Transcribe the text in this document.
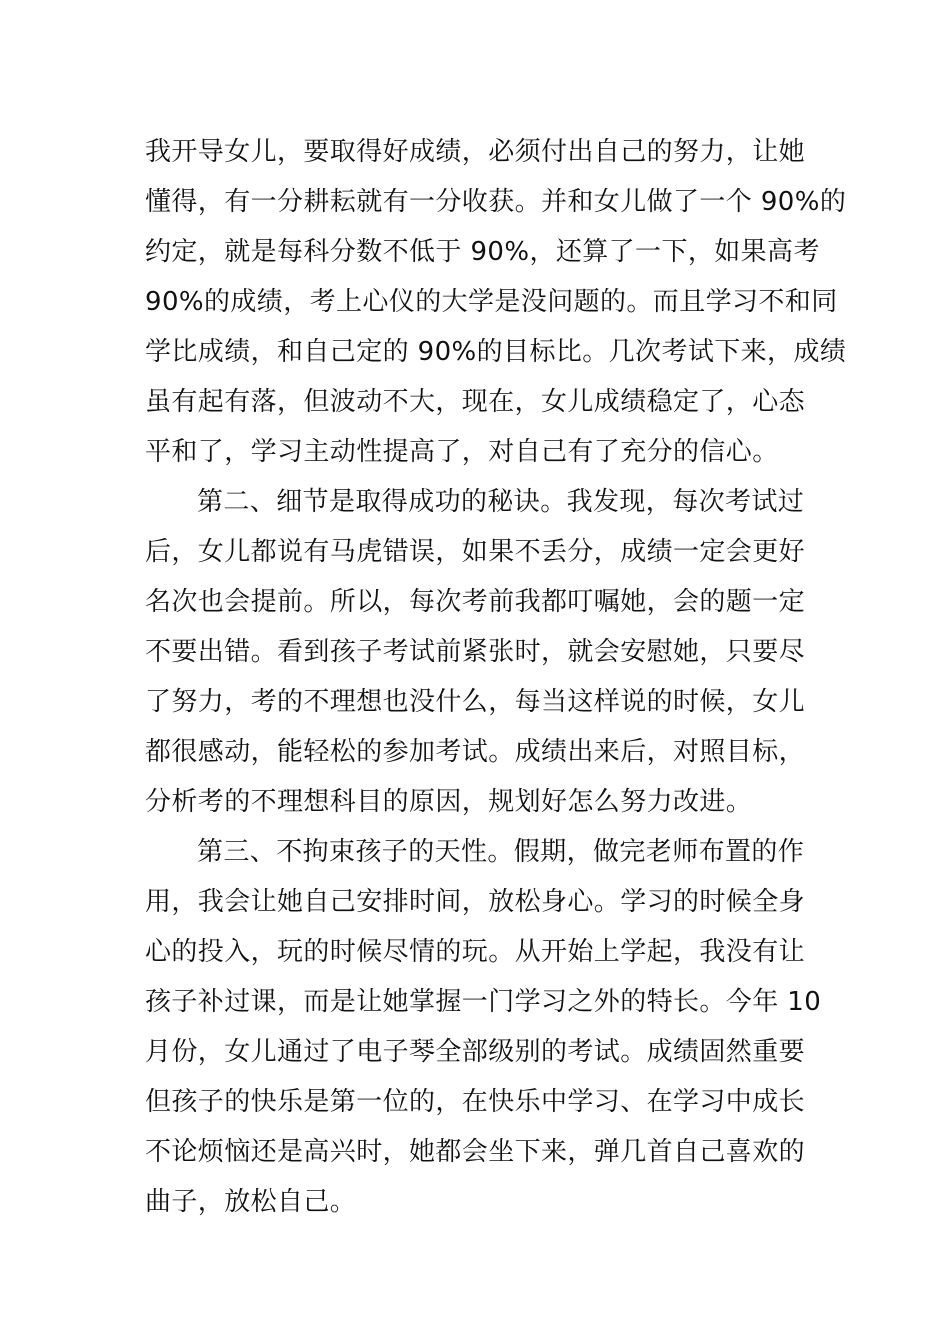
我开导女儿，要取得好成绩，必须付出自己的努力，让她
懂得，有一分耕耘就有一分收获。并和女儿做了一个 90%的
约定，就是每科分数不低于 90%，还算了一下，如果高考
90%的成绩，考上心仪的大学是没问题的。而且学习不和同
学比成绩，和自己定的 90%的目标比。几次考试下来，成绩
虽有起有落，但波动不大，现在，女儿成绩稳定了，心态
平和了，学习主动性提高了，对自己有了充分的信心。
第二、细节是取得成功的秘诀。我发现，每次考试过
后，女儿都说有马虎错误，如果不丢分，成绩一定会更好
名次也会提前。所以，每次考前我都叮嘱她，会的题一定
不要出错。看到孩子考试前紧张时，就会安慰她，只要尽
了努力，考的不理想也没什么，每当这样说的时候，女儿
都很感动，能轻松的参加考试。成绩出来后，对照目标，
分析考的不理想科目的原因，规划好怎么努力改进。
第三、不拘束孩子的天性。假期，做完老师布置的作
用，我会让她自己安排时间，放松身心。学习的时候全身
心的投入，玩的时候尽情的玩。从开始上学起，我没有让
孩子补过课，而是让她掌握一门学习之外的特长。今年 10
月份，女儿通过了电子琴全部级别的考试。成绩固然重要
但孩子的快乐是第一位的，在快乐中学习、在学习中成长
不论烦恼还是高兴时，她都会坐下来，弹几首自己喜欢的
曲子，放松自己。
